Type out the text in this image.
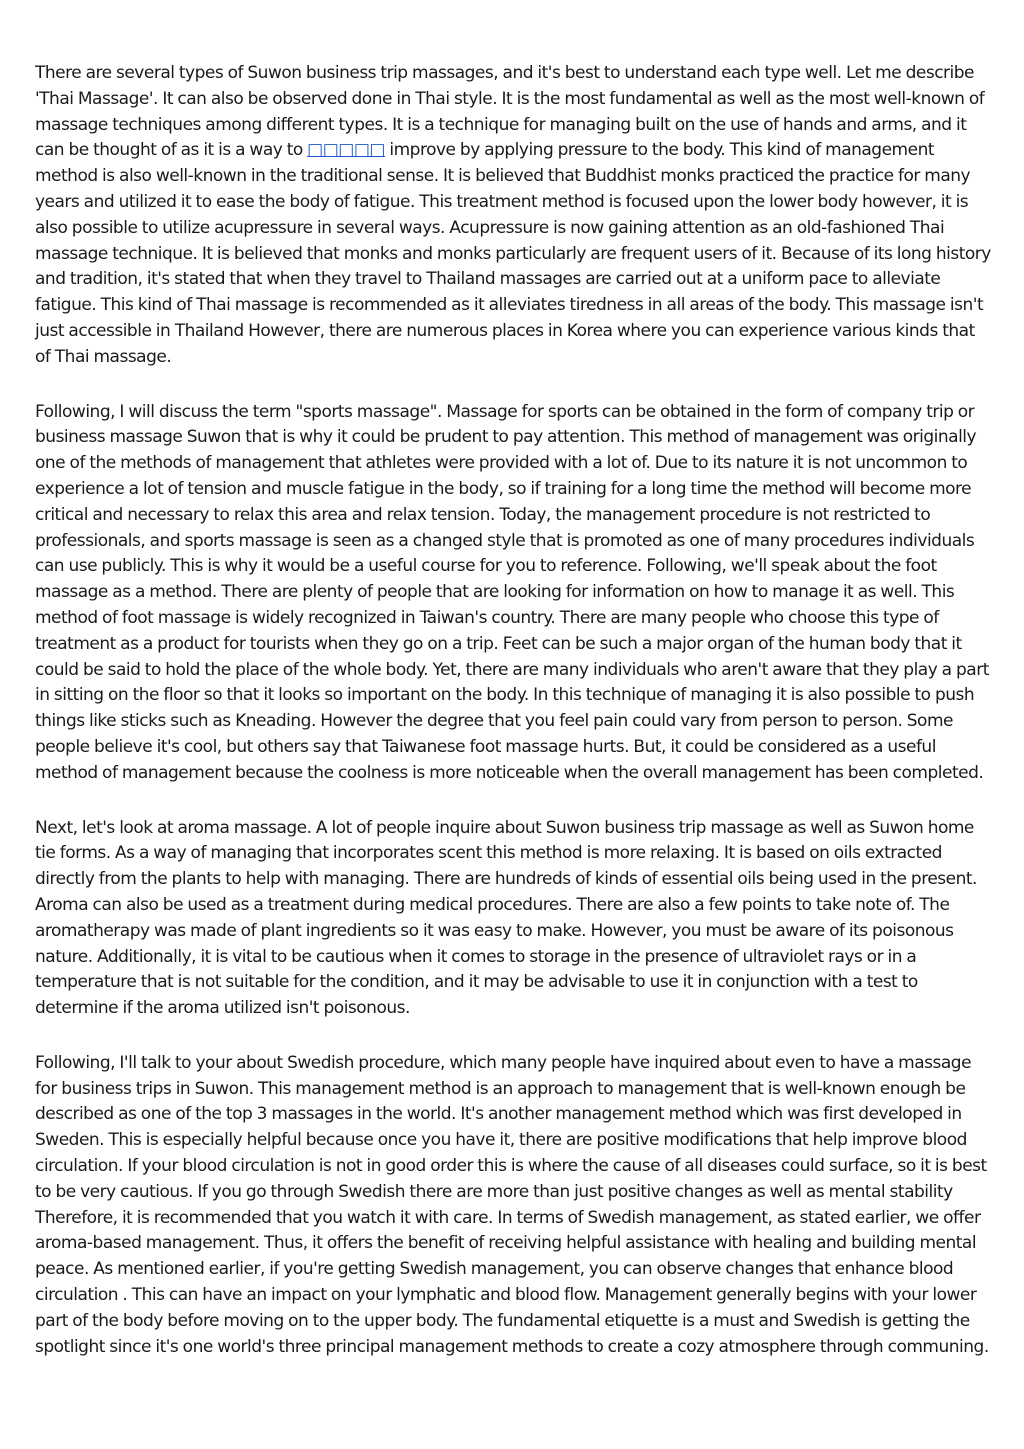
There are several types of Suwon business trip massages, and it's best to understand each type well. Let me describe 'Thai Massage'. It can also be observed done in Thai style. It is the most fundamental as well as the most well-known of massage techniques among different types. It is a technique for managing built on the use of hands and arms, and it can be thought of as it is a way to □□□□□ improve by applying pressure to the body. This kind of management method is also well-known in the traditional sense. It is believed that Buddhist monks practiced the practice for many years and utilized it to ease the body of fatigue. This treatment method is focused upon the lower body however, it is also possible to utilize acupressure in several ways. Acupressure is now gaining attention as an old-fashioned Thai massage technique. It is believed that monks and monks particularly are frequent users of it. Because of its long history and tradition, it's stated that when they travel to Thailand massages are carried out at a uniform pace to alleviate fatigue. This kind of Thai massage is recommended as it alleviates tiredness in all areas of the body. This massage isn't just accessible in Thailand However, there are numerous places in Korea where you can experience various kinds that of Thai massage.

Following, I will discuss the term "sports massage". Massage for sports can be obtained in the form of company trip or business massage Suwon that is why it could be prudent to pay attention. This method of management was originally one of the methods of management that athletes were provided with a lot of. Due to its nature it is not uncommon to experience a lot of tension and muscle fatigue in the body, so if training for a long time the method will become more critical and necessary to relax this area and relax tension. Today, the management procedure is not restricted to professionals, and sports massage is seen as a changed style that is promoted as one of many procedures individuals can use publicly. This is why it would be a useful course for you to reference. Following, we'll speak about the foot massage as a method. There are plenty of people that are looking for information on how to manage it as well. This method of foot massage is widely recognized in Taiwan's country. There are many people who choose this type of treatment as a product for tourists when they go on a trip. Feet can be such a major organ of the human body that it could be said to hold the place of the whole body. Yet, there are many individuals who aren't aware that they play a part in sitting on the floor so that it looks so important on the body. In this technique of managing it is also possible to push things like sticks such as Kneading. However the degree that you feel pain could vary from person to person. Some people believe it's cool, but others say that Taiwanese foot massage hurts. But, it could be considered as a useful method of management because the coolness is more noticeable when the overall management has been completed.

Next, let's look at aroma massage. A lot of people inquire about Suwon business trip massage as well as Suwon home tie forms. As a way of managing that incorporates scent this method is more relaxing. It is based on oils extracted directly from the plants to help with managing. There are hundreds of kinds of essential oils being used in the present. Aroma can also be used as a treatment during medical procedures. There are also a few points to take note of. The aromatherapy was made of plant ingredients so it was easy to make. However, you must be aware of its poisonous nature. Additionally, it is vital to be cautious when it comes to storage in the presence of ultraviolet rays or in a temperature that is not suitable for the condition, and it may be advisable to use it in conjunction with a test to determine if the aroma utilized isn't poisonous.

Following, I'll talk to your about Swedish procedure, which many people have inquired about even to have a massage for business trips in Suwon. This management method is an approach to management that is well-known enough be described as one of the top 3 massages in the world. It's another management method which was first developed in Sweden. This is especially helpful because once you have it, there are positive modifications that help improve blood circulation. If your blood circulation is not in good order this is where the cause of all diseases could surface, so it is best to be very cautious. If you go through Swedish there are more than just positive changes as well as mental stability Therefore, it is recommended that you watch it with care. In terms of Swedish management, as stated earlier, we offer aroma-based management. Thus, it offers the benefit of receiving helpful assistance with healing and building mental peace. As mentioned earlier, if you're getting Swedish management, you can observe changes that enhance blood circulation . This can have an impact on your lymphatic and blood flow. Management generally begins with your lower part of the body before moving on to the upper body. The fundamental etiquette is a must and Swedish is getting the spotlight since it's one world's three principal management methods to create a cozy atmosphere through communing.
